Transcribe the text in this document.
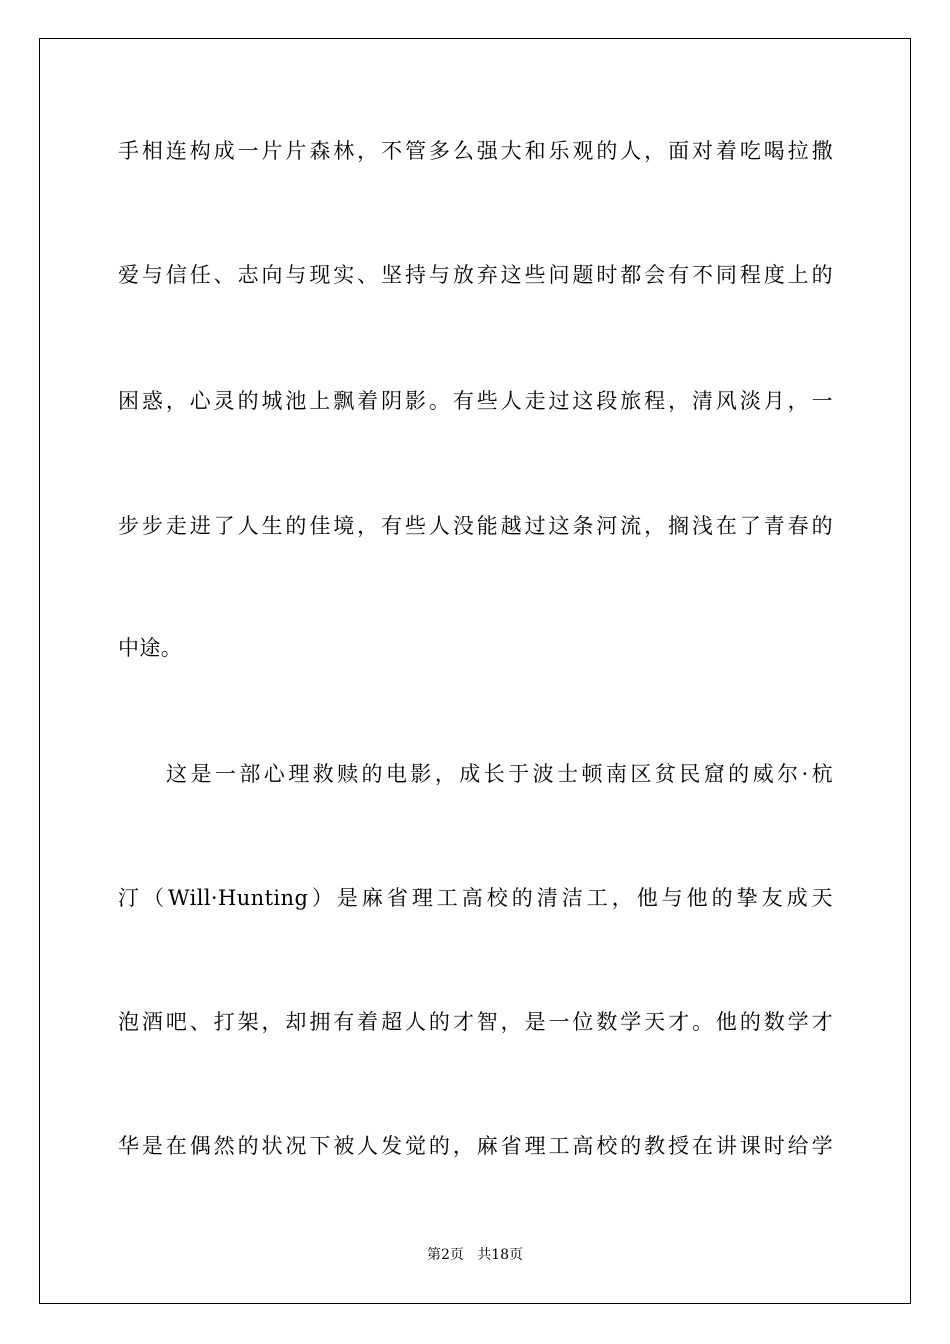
手相连构成一片片森林，不管多么强大和乐观的人，面对着吃喝拉撒
爱与信任、志向与现实、坚持与放弃这些问题时都会有不同程度上的
困惑，心灵的城池上飘着阴影。有些人走过这段旅程，清风淡月，一
步步走进了人生的佳境，有些人没能越过这条河流，搁浅在了青春的
中途。
这是一部心理救赎的电影，成长于波士顿南区贫民窟的威尔·杭
汀（Will·Hunting）是麻省理工高校的清洁工，他与他的挚友成天
泡酒吧、打架，却拥有着超人的才智，是一位数学天才。他的数学才
华是在偶然的状况下被人发觉的，麻省理工高校的教授在讲课时给学
第2页   共18页
